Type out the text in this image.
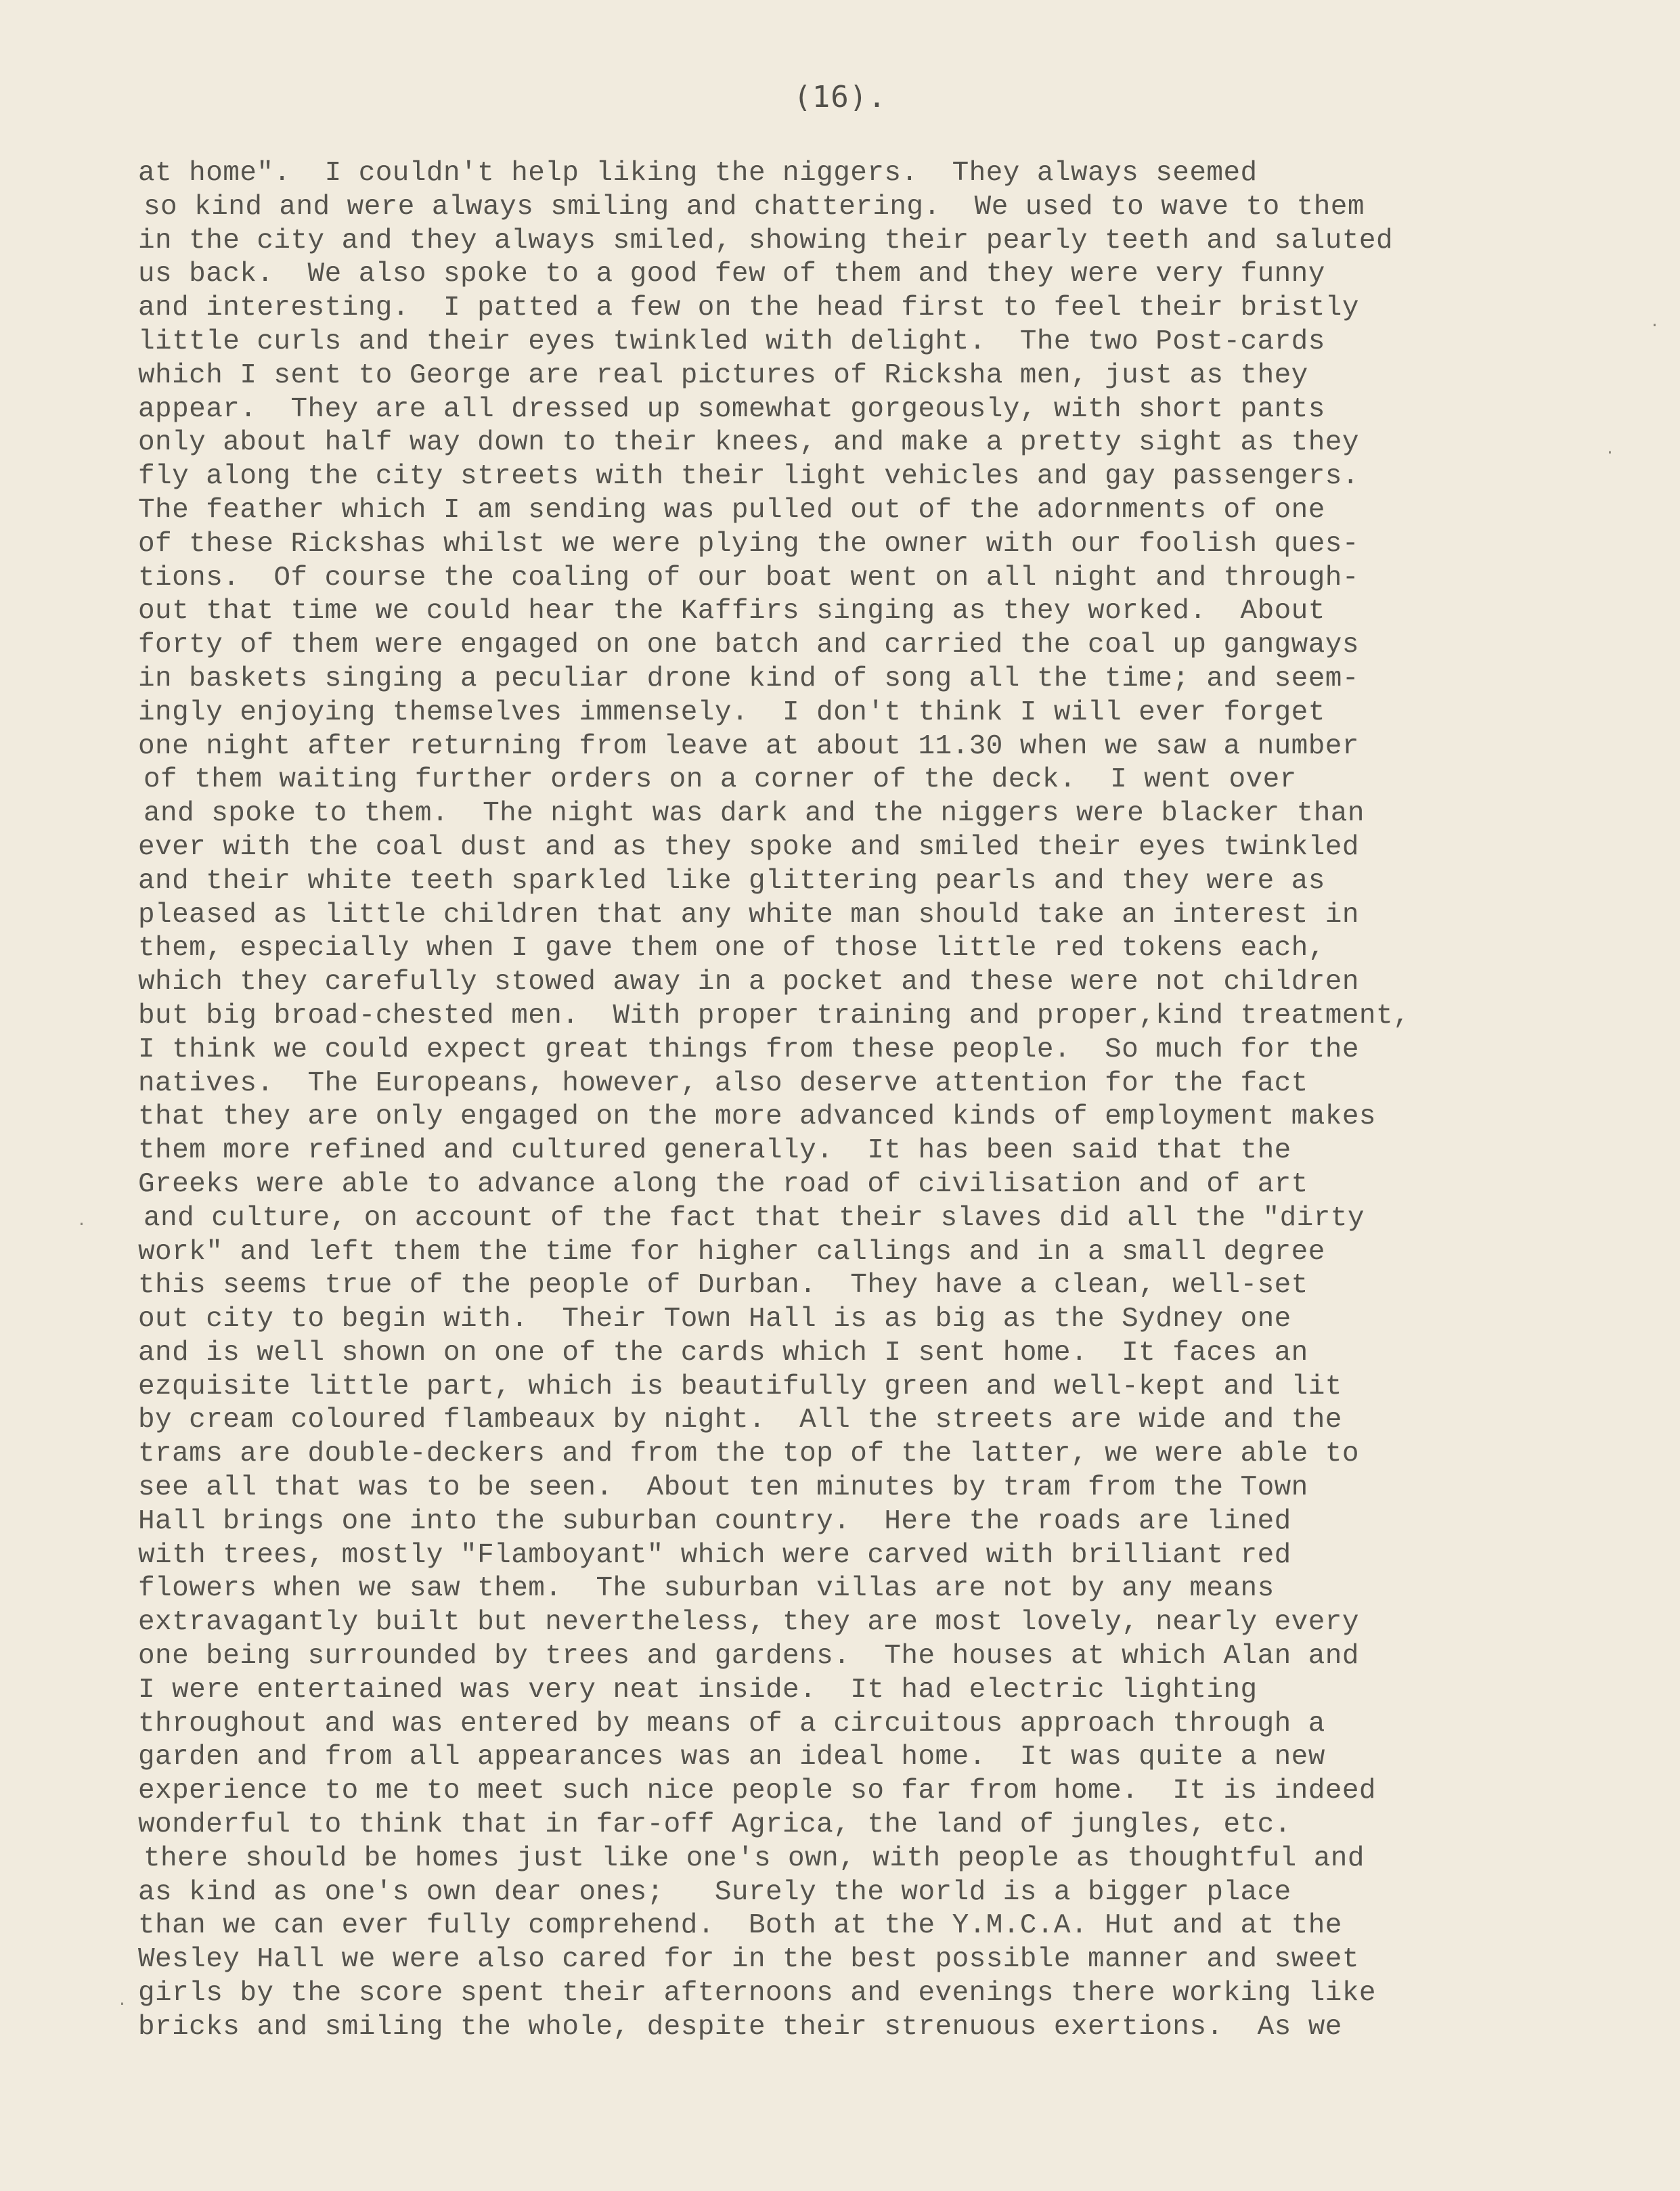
(16).
at home".  I couldn't help liking the niggers.  They always seemed
so kind and were always smiling and chattering.  We used to wave to them
in the city and they always smiled, showing their pearly teeth and saluted
us back.  We also spoke to a good few of them and they were very funny
and interesting.  I patted a few on the head first to feel their bristly
little curls and their eyes twinkled with delight.  The two Post-cards
which I sent to George are real pictures of Ricksha men, just as they
appear.  They are all dressed up somewhat gorgeously, with short pants
only about half way down to their knees, and make a pretty sight as they
fly along the city streets with their light vehicles and gay passengers.
The feather which I am sending was pulled out of the adornments of one
of these Rickshas whilst we were plying the owner with our foolish ques-
tions.  Of course the coaling of our boat went on all night and through-
out that time we could hear the Kaffirs singing as they worked.  About
forty of them were engaged on one batch and carried the coal up gangways
in baskets singing a peculiar drone kind of song all the time; and seem-
ingly enjoying themselves immensely.  I don't think I will ever forget
one night after returning from leave at about 11.30 when we saw a number
of them waiting further orders on a corner of the deck.  I went over
and spoke to them.  The night was dark and the niggers were blacker than
ever with the coal dust and as they spoke and smiled their eyes twinkled
and their white teeth sparkled like glittering pearls and they were as
pleased as little children that any white man should take an interest in
them, especially when I gave them one of those little red tokens each,
which they carefully stowed away in a pocket and these were not children
but big broad-chested men.  With proper training and proper,kind treatment,
I think we could expect great things from these people.  So much for the
natives.  The Europeans, however, also deserve attention for the fact
that they are only engaged on the more advanced kinds of employment makes
them more refined and cultured generally.  It has been said that the
Greeks were able to advance along the road of civilisation and of art
and culture, on account of the fact that their slaves did all the "dirty
work" and left them the time for higher callings and in a small degree
this seems true of the people of Durban.  They have a clean, well-set
out city to begin with.  Their Town Hall is as big as the Sydney one
and is well shown on one of the cards which I sent home.  It faces an
ezquisite little part, which is beautifully green and well-kept and lit
by cream coloured flambeaux by night.  All the streets are wide and the
trams are double-deckers and from the top of the latter, we were able to
see all that was to be seen.  About ten minutes by tram from the Town
Hall brings one into the suburban country.  Here the roads are lined
with trees, mostly "Flamboyant" which were carved with brilliant red
flowers when we saw them.  The suburban villas are not by any means
extravagantly built but nevertheless, they are most lovely, nearly every
one being surrounded by trees and gardens.  The houses at which Alan and
I were entertained was very neat inside.  It had electric lighting
throughout and was entered by means of a circuitous approach through a
garden and from all appearances was an ideal home.  It was quite a new
experience to me to meet such nice people so far from home.  It is indeed
wonderful to think that in far-off Agrica, the land of jungles, etc.
there should be homes just like one's own, with people as thoughtful and
as kind as one's own dear ones;   Surely the world is a bigger place
than we can ever fully comprehend.  Both at the Y.M.C.A. Hut and at the
Wesley Hall we were also cared for in the best possible manner and sweet
girls by the score spent their afternoons and evenings there working like
bricks and smiling the whole, despite their strenuous exertions.  As we
·
·
·
·
